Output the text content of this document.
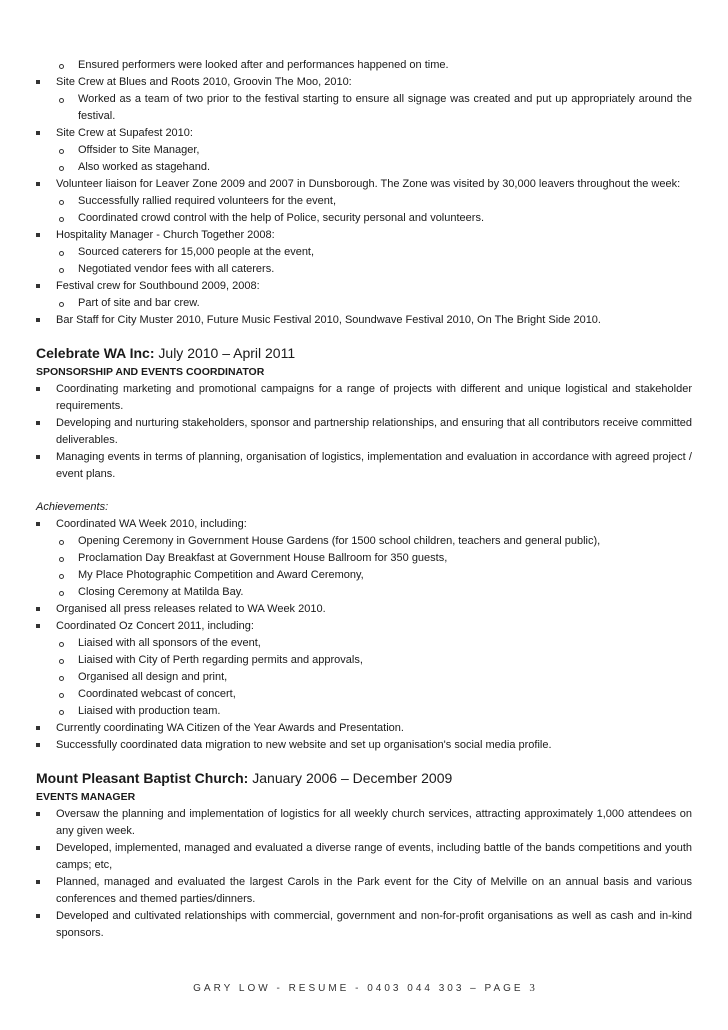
Ensured performers were looked after and performances happened on time.
Site Crew at Blues and Roots 2010, Groovin The Moo, 2010:
Worked as a team of two prior to the festival starting to ensure all signage was created and put up appropriately around the festival.
Site Crew at Supafest 2010:
Offsider to Site Manager,
Also worked as stagehand.
Volunteer liaison for Leaver Zone 2009 and 2007 in Dunsborough. The Zone was visited by 30,000 leavers throughout the week:
Successfully rallied required volunteers for the event,
Coordinated crowd control with the help of Police, security personal and volunteers.
Hospitality Manager - Church Together 2008:
Sourced caterers for 15,000 people at the event,
Negotiated vendor fees with all caterers.
Festival crew for Southbound 2009, 2008:
Part of site and bar crew.
Bar Staff for City Muster 2010, Future Music Festival 2010, Soundwave Festival 2010, On The Bright Side 2010.
Celebrate WA Inc: July 2010 – April 2011
SPONSORSHIP AND EVENTS COORDINATOR
Coordinating marketing and promotional campaigns for a range of projects with different and unique logistical and stakeholder requirements.
Developing and nurturing stakeholders, sponsor and partnership relationships, and ensuring that all contributors receive committed deliverables.
Managing events in terms of planning, organisation of logistics, implementation and evaluation in accordance with agreed project / event plans.
Achievements:
Coordinated WA Week 2010, including:
Opening Ceremony in Government House Gardens (for 1500 school children, teachers and general public),
Proclamation Day Breakfast at Government House Ballroom for 350 guests,
My Place Photographic Competition and Award Ceremony,
Closing Ceremony at Matilda Bay.
Organised all press releases related to WA Week 2010.
Coordinated Oz Concert 2011, including:
Liaised with all sponsors of the event,
Liaised with City of Perth regarding permits and approvals,
Organised all design and print,
Coordinated webcast of concert,
Liaised with production team.
Currently coordinating WA Citizen of the Year Awards and Presentation.
Successfully coordinated data migration to new website and set up organisation's social media profile.
Mount Pleasant Baptist Church: January 2006 – December 2009
EVENTS MANAGER
Oversaw the planning and implementation of logistics for all weekly church services, attracting approximately 1,000 attendees on any given week.
Developed, implemented, managed and evaluated a diverse range of events, including battle of the bands competitions and youth camps; etc,
Planned, managed and evaluated the largest Carols in the Park event for the City of Melville on an annual basis and various conferences and themed parties/dinners.
Developed and cultivated relationships with commercial, government and non-for-profit organisations as well as cash and in-kind sponsors.
GARY LOW - RESUME - 0403 044 303 – PAGE 3
